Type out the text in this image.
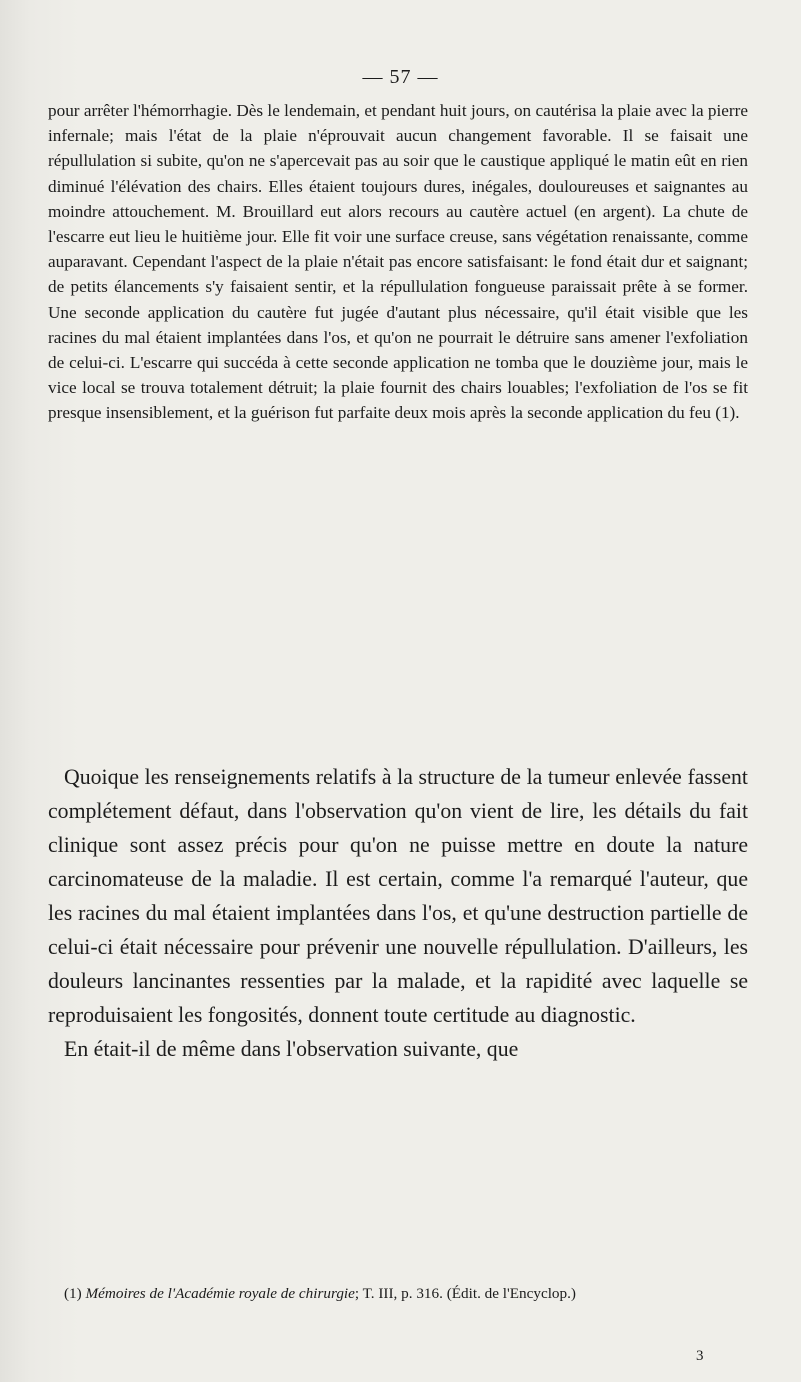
— 57 —

pour arrêter l'hémorrhagie. Dès le lendemain, et pendant huit jours, on cautérisa la plaie avec la pierre infernale; mais l'état de la plaie n'éprouvait aucun changement favorable. Il se faisait une répullulation si subite, qu'on ne s'apercevait pas au soir que le caustique appliqué le matin eût en rien diminué l'élévation des chairs. Elles étaient toujours dures, inégales, douloureuses et saignantes au moindre attouchement. M. Brouillard eut alors recours au cautère actuel (en argent). La chute de l'escarre eut lieu le huitième jour. Elle fit voir une surface creuse, sans végétation renaissante, comme auparavant. Cependant l'aspect de la plaie n'était pas encore satisfaisant: le fond était dur et saignant; de petits élancements s'y faisaient sentir, et la répullulation fongueuse paraissait prête à se former. Une seconde application du cautère fut jugée d'autant plus nécessaire, qu'il était visible que les racines du mal étaient implantées dans l'os, et qu'on ne pourrait le détruire sans amener l'exfoliation de celui-ci. L'escarre qui succéda à cette seconde application ne tomba que le douzième jour, mais le vice local se trouva totalement détruit; la plaie fournit des chairs louables; l'exfoliation de l'os se fit presque insensiblement, et la guérison fut parfaite deux mois après la seconde application du feu (1).

Quoique les renseignements relatifs à la structure de la tumeur enlevée fassent complétement défaut, dans l'observation qu'on vient de lire, les détails du fait clinique sont assez précis pour qu'on ne puisse mettre en doute la nature carcinomateuse de la maladie. Il est certain, comme l'a remarqué l'auteur, que les racines du mal étaient implantées dans l'os, et qu'une destruction partielle de celui-ci était nécessaire pour prévenir une nouvelle répullulation. D'ailleurs, les douleurs lancinantes ressenties par la malade, et la rapidité avec laquelle se reproduisaient les fongosités, donnent toute certitude au diagnostic.

En était-il de même dans l'observation suivante, que

(1) Mémoires de l'Académie royale de chirurgie; T. III, p. 316. (Édit. de l'Encyclop.)

3
